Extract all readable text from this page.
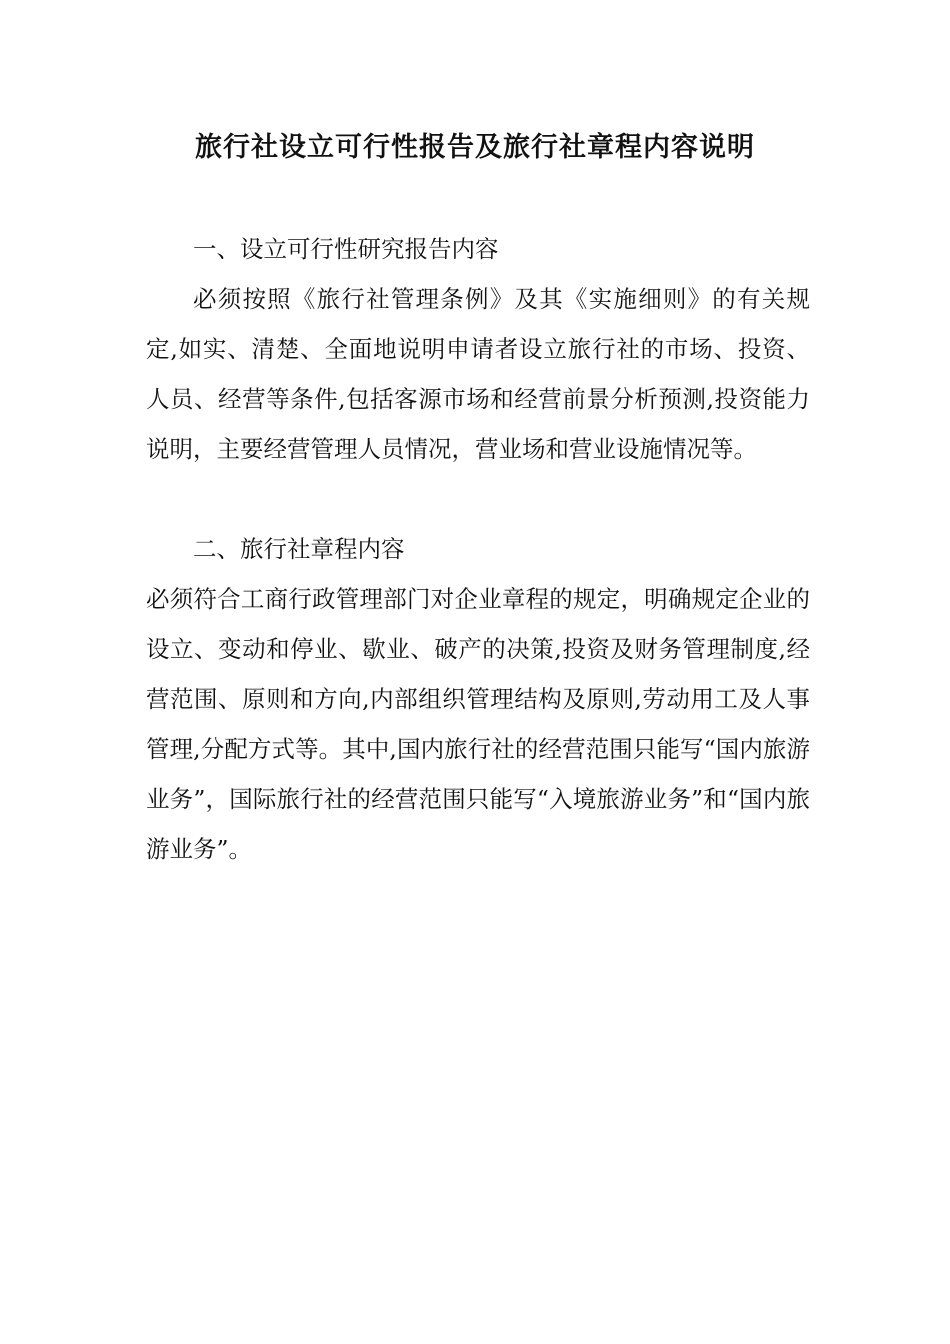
旅行社设立可行性报告及旅行社章程内容说明

一、设立可行性研究报告内容

必须按照《旅行社管理条例》及其《实施细则》的有关规定,如实、清楚、全面地说明申请者设立旅行社的市场、投资、人员、经营等条件,包括客源市场和经营前景分析预测,投资能力说明，主要经营管理人员情况，营业场和营业设施情况等。

二、旅行社章程内容

必须符合工商行政管理部门对企业章程的规定，明确规定企业的设立、变动和停业、歇业、破产的决策,投资及财务管理制度,经营范围、原则和方向,内部组织管理结构及原则,劳动用工及人事管理,分配方式等。其中,国内旅行社的经营范围只能写“国内旅游业务”，国际旅行社的经营范围只能写“入境旅游业务”和“国内旅游业务”。
